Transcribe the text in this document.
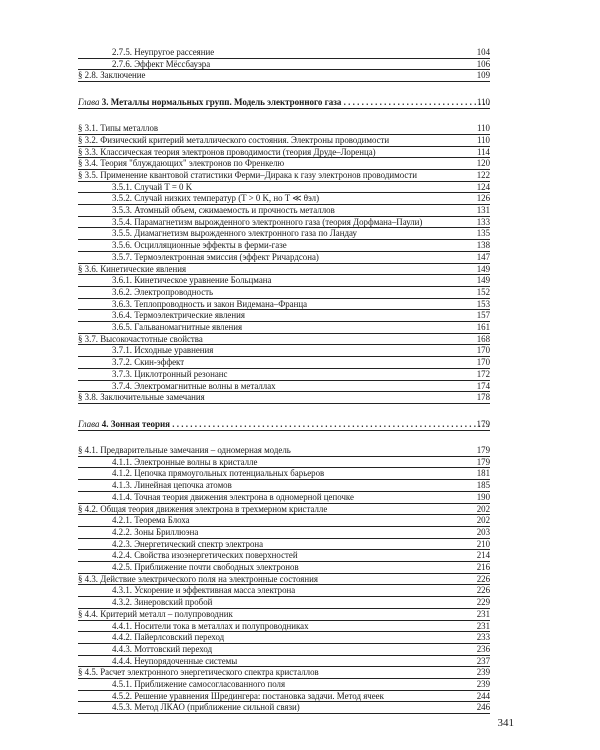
2.7.5. Неупругое рассеяние	104
2.7.6. Эффект Мёссбауэра	106
§ 2.8. Заключение	109
Глава 3. Металлы нормальных групп. Модель электронного газа . . .	110
§ 3.1. Типы металлов	110
§ 3.2. Физический критерий металлического состояния. Электроны проводимости	110
§ 3.3. Классическая теория электронов проводимости (теория Друде–Лоренца)	114
§ 3.4. Теория "блуждающих" электронов по Френкелю	120
§ 3.5. Применение квантовой статистики Ферми–Дирака к газу электронов проводимости	122
3.5.1. Случай T = 0 K	124
3.5.2. Случай низких температур (T > 0 K, но T ≪ θэл)	126
3.5.3. Атомный объем, сжимаемость и прочность металлов	131
3.5.4. Парамагнетизм вырожденного электронного газа (теория Дорфмана–Паули)	133
3.5.5. Диамагнетизм вырожденного электронного газа по Ландау	135
3.5.6. Осцилляционные эффекты в ферми-газе	138
3.5.7. Термоэлектронная эмиссия (эффект Ричардсона)	147
§ 3.6. Кинетические явления	149
3.6.1. Кинетическое уравнение Больцмана	149
3.6.2. Электропроводность	152
3.6.3. Теплопроводность и закон Видемана–Франца	153
3.6.4. Термоэлектрические явления	157
3.6.5. Гальваномагнитные явления	161
§ 3.7. Высокочастотные свойства	168
3.7.1. Исходные уравнения	170
3.7.2. Скин-эффект	170
3.7.3. Циклотронный резонанс	172
3.7.4. Электромагнитные волны в металлах	174
§ 3.8. Заключительные замечания	178
Глава 4. Зонная теория . . .	179
§ 4.1. Предварительные замечания – одномерная модель	179
4.1.1. Электронные волны в кристалле	179
4.1.2. Цепочка прямоугольных потенциальных барьеров	181
4.1.3. Линейная цепочка атомов	185
4.1.4. Точная теория движения электрона в одномерной цепочке	190
§ 4.2. Общая теория движения электрона в трехмерном кристалле	202
4.2.1. Теорема Блоха	202
4.2.2. Зоны Бриллюэна	203
4.2.3. Энергетический спектр электрона	210
4.2.4. Свойства изоэнергетических поверхностей	214
4.2.5. Приближение почти свободных электронов	216
§ 4.3. Действие электрического поля на электронные состояния	226
4.3.1. Ускорение и эффективная масса электрона	226
4.3.2. Зинеровский пробой	229
§ 4.4. Критерий металл – полупроводник	231
4.4.1. Носители тока в металлах и полупроводниках	231
4.4.2. Пайерлсовский переход	233
4.4.3. Моттовский переход	236
4.4.4. Неупорядоченные системы	237
§ 4.5. Расчет электронного энергетического спектра кристаллов	239
4.5.1. Приближение самосогласованного поля	239
4.5.2. Решение уравнения Шредингера: постановка задачи. Метод ячеек	244
4.5.3. Метод ЛКАО (приближение сильной связи)	246
341
